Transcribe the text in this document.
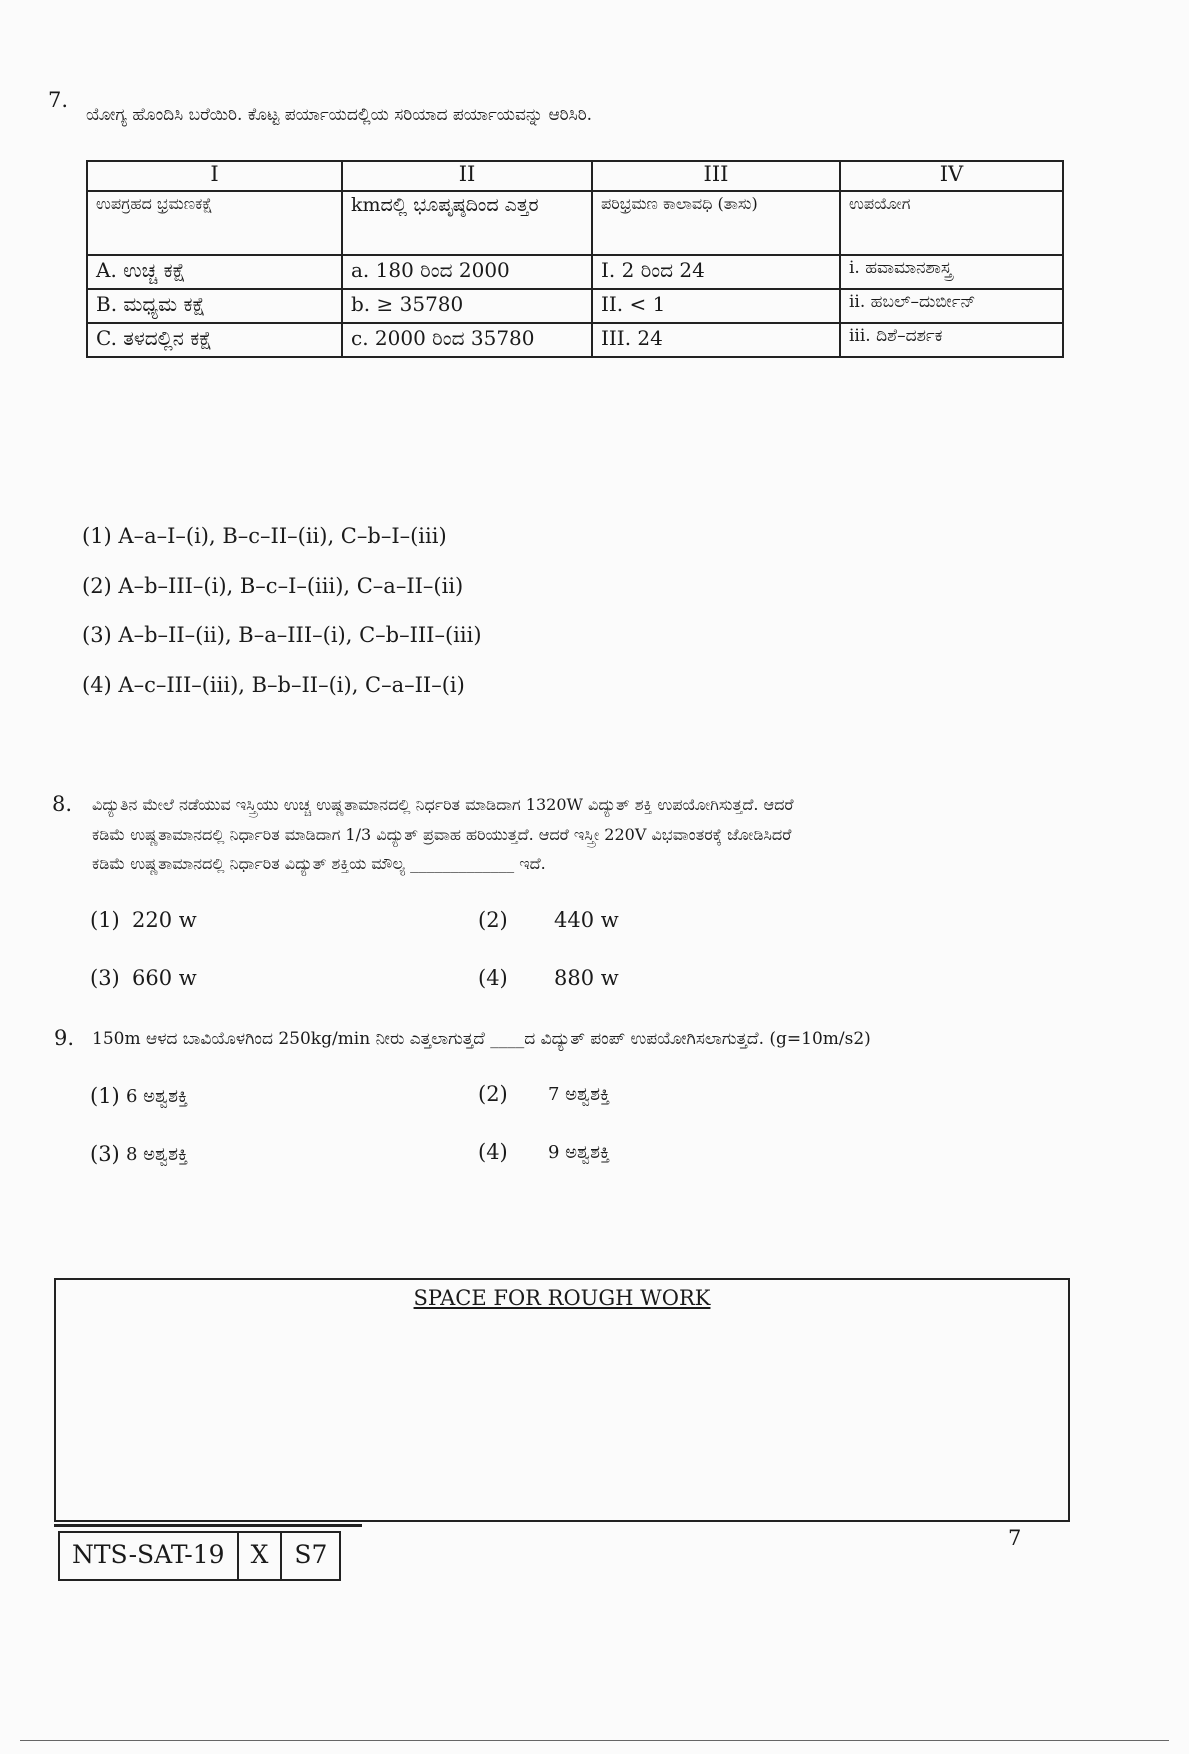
7.
ಯೋಗ್ಯ ಹೊಂದಿಸಿ ಬರೆಯಿರಿ. ಕೊಟ್ಟ ಪರ್ಯಾಯದಲ್ಲಿಯ ಸರಿಯಾದ ಪರ್ಯಾಯವನ್ನು ಆರಿಸಿರಿ.
I	II	III	IV
ಉಪಗ್ರಹದ ಭ್ರಮಣಕಕ್ಷೆ	kmದಲ್ಲಿ ಭೂಪೃಷ್ಠದಿಂದ ಎತ್ತರ	ಪರಿಭ್ರಮಣ ಕಾಲಾವಧಿ (ತಾಸು)	ಉಪಯೋಗ
A. ಉಚ್ಚ ಕಕ್ಷೆ	a. 180 ರಿಂದ 2000	I. 2 ರಿಂದ 24	i. ಹವಾಮಾನಶಾಸ್ತ್ರ
B. ಮಧ್ಯಮ ಕಕ್ಷೆ	b. ≥ 35780	II. < 1	ii. ಹಬಲ್‌–ದುರ್ಬೀನ್
C. ತಳದಲ್ಲಿನ ಕಕ್ಷೆ	c. 2000 ರಿಂದ 35780	III. 24	iii. ದಿಶೆ–ದರ್ಶಕ
(1) A–a–I–(i), B–c–II–(ii), C–b–I–(iii)
(2) A–b–III–(i), B–c–I–(iii), C–a–II–(ii)
(3) A–b–II–(ii), B–a–III–(i), C–b–III–(iii)
(4) A–c–III–(iii), B–b–II–(i), C–a–II–(i)
8. ವಿದ್ಯುತಿನ ಮೇಲೆ ನಡೆಯುವ ಇಸ್ತ್ರಿಯು ಉಚ್ಚ ಉಷ್ಣತಾಮಾನದಲ್ಲಿ ನಿರ್ಧರಿತ ಮಾಡಿದಾಗ 1320W ವಿದ್ಯುತ್ ಶಕ್ತಿ ಉಪಯೋಗಿಸುತ್ತದೆ. ಆದರೆ
ಕಡಿಮೆ ಉಷ್ಣತಾಮಾನದಲ್ಲಿ ನಿರ್ಧಾರಿತ ಮಾಡಿದಾಗ 1/3 ವಿದ್ಯುತ್ ಪ್ರವಾಹ ಹರಿಯುತ್ತದೆ. ಆದರೆ ಇಸ್ತ್ರೀ 220V ವಿಭವಾಂತರಕ್ಕೆ ಜೋಡಿಸಿದರೆ
ಕಡಿಮೆ ಉಷ್ಣತಾಮಾನದಲ್ಲಿ ನಿರ್ಧಾರಿತ ವಿದ್ಯುತ್ ಶಕ್ತಿಯ ಮೌಲ್ಯ _____________ ಇದೆ.
(1) 220 w	(2) 440 w
(3) 660 w	(4) 880 w
9. 150m ಆಳದ ಬಾವಿಯೊಳಗಿಂದ 250kg/min ನೀರು ಎತ್ತಲಾಗುತ್ತದೆ ____ದ ವಿದ್ಯುತ್ ಪಂಪ್ ಉಪಯೋಗಿಸಲಾಗುತ್ತದೆ. (g=10m/s2)
(1) 6 ಅಶ್ವಶಕ್ತಿ	(2) 7 ಅಶ್ವಶಕ್ತಿ
(3) 8 ಅಶ್ವಶಕ್ತಿ	(4) 9 ಅಶ್ವಶಕ್ತಿ
SPACE FOR ROUGH WORK
NTS-SAT-19	X	S7
7
